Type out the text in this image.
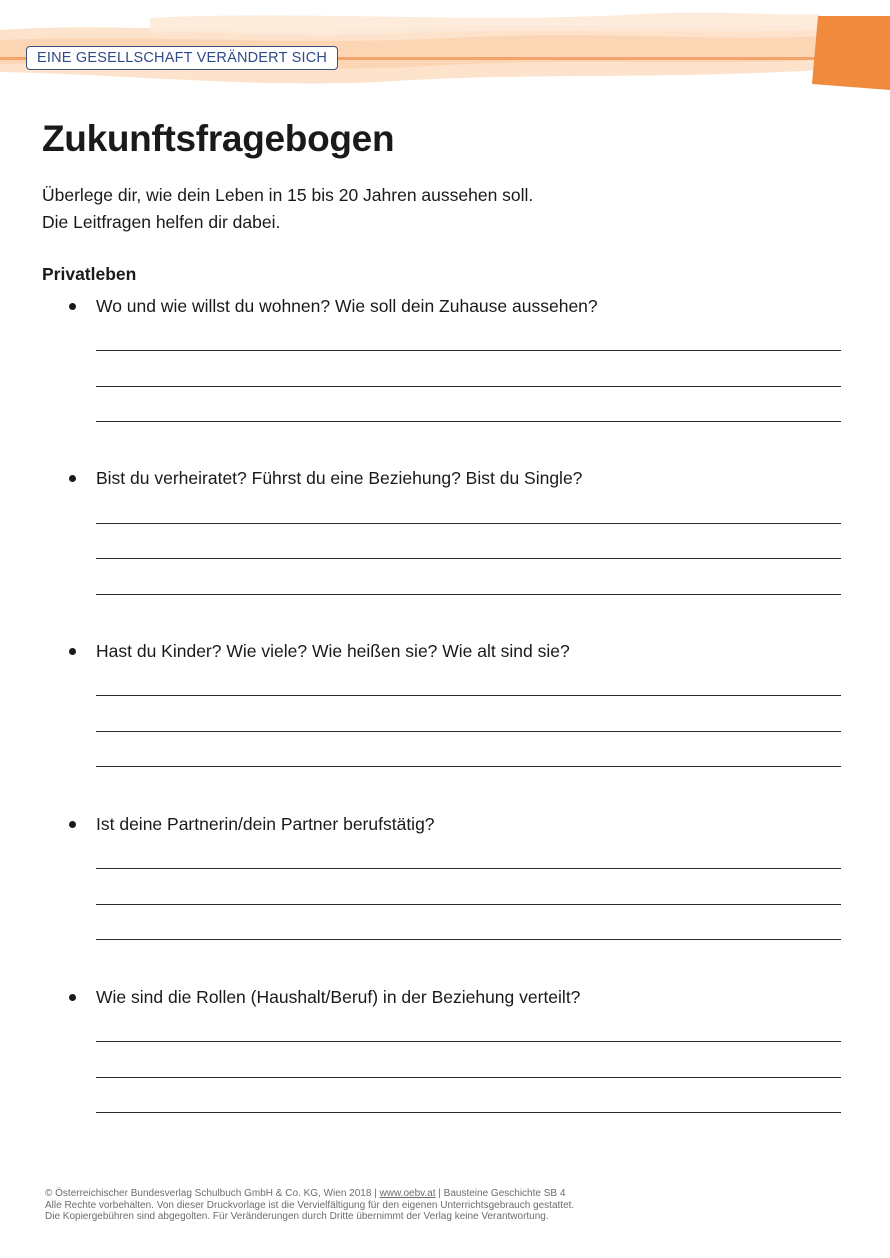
EINE GESELLSCHAFT VERÄNDERT SICH
Zukunftsfragebogen

Überlege dir, wie dein Leben in 15 bis 20 Jahren aussehen soll.

Die Leitfragen helfen dir dabei.

Privatleben
Wo und wie willst du wohnen? Wie soll dein Zuhause aussehen?
Bist du verheiratet? Führst du eine Beziehung? Bist du Single?
Hast du Kinder? Wie viele? Wie heißen sie? Wie alt sind sie?
Ist deine Partnerin/dein Partner berufstätig?
Wie sind die Rollen (Haushalt/Beruf) in der Beziehung verteilt?
© Österreichischer Bundesverlag Schulbuch GmbH & Co. KG, Wien 2018 | www.oebv.at | Bausteine Geschichte SB 4
Alle Rechte vorbehalten. Von dieser Druckvorlage ist die Vervielfältigung für den eigenen Unterrichtsgebrauch gestattet.
Die Kopiergebühren sind abgegolten. Für Veränderungen durch Dritte übernimmt der Verlag keine Verantwortung.
